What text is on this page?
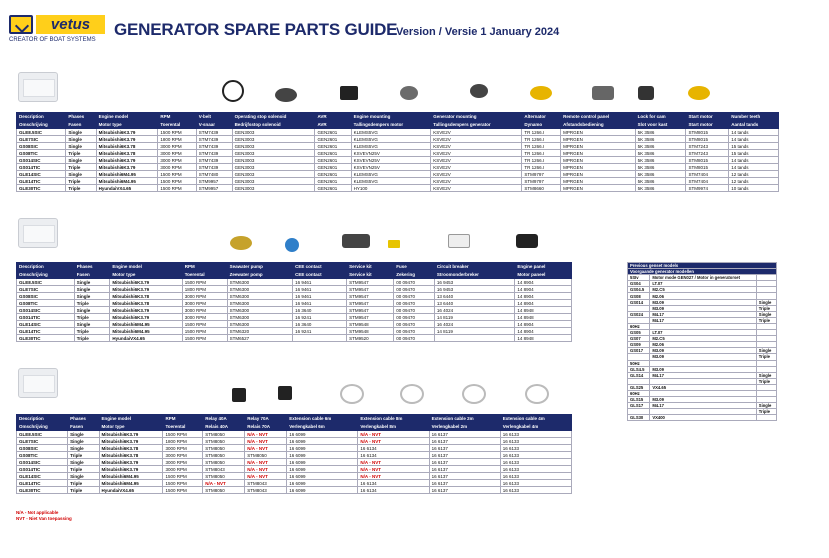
vetus
CREATOR OF BOAT SYSTEMS
GENERATOR SPARE PARTS GUIDE
Version / Versie 1 January 2024
Description	Phases	Engine model	RPM	V-belt	Operating stop solenoid	AVR	Engine mounting	Generator mounting	Alternator	Remote control panel	Lock for cam	Start motor	Number teeth
Omschrijving	Fasen	Motor type	Toerental	V-snaar	Bedrijfsstop solenoid	AVR	Tallingsdempers motor	Tallingsdempers generator	Dynamo	Afstandsbediening	Slot voor kast	Start motor	Aantal tands
GLE8.5SIC	Single	Mitsubishi6K3.79	1500 RPM	STM7439	GEN3003	GEN2601	KLEMS5VG	KSVE2V	TR 1266.I	MPRGEN	5K 3586	STM8015	14 tands
GLE7SIC	Single	Mitsubishi6K3.79	1800 RPM	STM7439	GEN3003	GEN2601	KLEMS5VG	KSVE2V	TR 1266.I	MPRGEN	5K 3586	STM8015	14 tands
GS08SIC	Single	Mitsubishi6K3.78	3000 RPM	STM7439	GEN3003	GEN2601	KLEMS5VG	KSVE2V	TR 1266.I	MPRGEN	5K 3586	STM7243	15 tands
GS08TIC	Triple	Mitsubishi6K3.78	3000 RPM	STM7439	GEN3003	GEN2601	KSVEVN25V	KSVE2V	TR 1266.I	MPRGEN	5K 3586	STM7243	15 tands
GS014SIC	Single	Mitsubishi6K3.79	3000 RPM	STM7439	GEN3003	GEN2601	KSVEVN25V	KSVE2V	TR 1266.I	MPRGEN	5K 3586	STM8015	14 tands
GS014TIC	Triple	Mitsubishi6K3.79	3000 RPM	STM7439	GEN3003	GEN2601	KSVEVN25V	KSVE2V	TR 1266.I	MPRGEN	5K 3586	STM8015	14 tands
GLE14SIC	Single	Mitsubishi6M4.95	1500 RPM	STM7480	GEN3003	GEN2601	KLEMS5VG	KSVE2V	STM9797	MPRGEN	5K 3586	STM7404	12 tands
GLE14TIC	Triple	Mitsubishi6M4.95	1500 RPM	STM9957	GEN3003	GEN2601	KLEMS5VG	KSVE2V	STM9797	MPRGEN	5K 3586	STM7404	12 tands
GLE30TIC	Triple	HyundaiVX4.65	1500 RPM	STM9957	GEN3003	GEN2601	HY100	KSVE2V	STM8660	MPRGEN	5K 3586	STM9974	10 tands
Description	Phases	Engine model	RPM	Seawater pump	CEE contact	Service kit	Fuse	Circuit breaker	Engine panel
Omschrijving	Fasen	Motor type	Toerental	Zeewater pomp	CEE contact	Service kit	Zekering	Stroomonderbreker	Motor paneel
GLE8.5SIC	Single	Mitsubishi6K3.79	1500 RPM	STM6300	16 9461	STM9547	00 09470	16 9453	14 8904
GLE7SIC	Single	Mitsubishi6K3.79	1800 RPM	STM6300	16 9461	STM9547	00 09470	16 9453	14 8904
GS08SIC	Single	Mitsubishi6K3.78	3000 RPM	STM6300	16 9461	STM9547	00 09470	13 6440	14 8904
GS08TIC	Triple	Mitsubishi6K3.78	3000 RPM	STM6300	16 9461	STM9547	00 09470	13 6440	14 8904
GS014SIC	Single	Mitsubishi6K3.79	3000 RPM	STM6300	16 3640	STM9547	00 09470	16 4024	14 8948
GS014TIC	Triple	Mitsubishi6K3.79	3000 RPM	STM6300	16 9241	STM9547	00 09470	14 8119	14 8948
GLE14SIC	Single	Mitsubishi6M4.95	1500 RPM	STM6300	16 3640	STM9548	00 09470	16 4024	14 8904
GLE14TIC	Triple	Mitsubishi6M4.95	1500 RPM	STM6320	16 9241	STM9548	00 09470	14 8119	14 8904
GLE30TIC	Triple	HyundaiVX4.65	1500 RPM	STM6527		STM9520	00 09470		14 8948
Previous genset models		
Voorgaande generator modellen		
5SIv	Motor mode GEN027 / Motor in generatorset	
GS04	LT.07	
GS04.5	M2.C5	
GS08	M2.06	
GS014	M3.09	Single
	M3.09	Triple
GS024	M4.17	Single
	M4.17	Triple
60Hz		
GS05	LT.07	
GS07	M2.C5	
GS09	M2.06	
GS017	M3.09	Single
	M3.09	Triple
50Hz		
GLS4.5	M3.09	
GLS14	M4.17	Single
		Triple
GLS25	VX4.65	
60Hz		
GLS15	M3.09	
GLS17	M4.17	Single
		Triple
GLS30	VX400	
Description	Phases	Engine model	RPM	Relay 40A	Relay 70A	Extension cable 6m	Extension cable 8m	Extension cable 2m	Extension cable 4m
Omschrijving	Fasen	Motor type	Toerental	Relais 40A	Relais 70A	Verlengkabel 6m	Verlengkabel 8m	Verlengkabel 2m	Verlengkabel 4m
GLE8.5SIC	Single	Mitsubishi6K3.79	1500 RPM	STM8050	N/A - NVT	16 6099	N/A - NVT	16 6137	16 6133
GLE7SIC	Single	Mitsubishi6K3.79	1800 RPM	STM8050	N/A - NVT	16 6099	N/A - NVT	16 6137	16 6133
GS08SIC	Single	Mitsubishi6K3.78	3000 RPM	STM8050	N/A - NVT	16 6099	16 6134	16 6137	16 6133
GS08TIC	Triple	Mitsubishi6K3.78	3000 RPM	STM8050	STM8050	16 6099	16 6134	16 6137	16 6133
GS014SIC	Single	Mitsubishi6K3.79	3000 RPM	STM8050	N/A - NVT	16 6099	N/A - NVT	16 6137	16 6133
GS014TIC	Triple	Mitsubishi6K3.79	3000 RPM	STM8043	N/A - NVT	16 6099	N/A - NVT	16 6137	16 6133
GLE14SIC	Single	Mitsubishi6M4.95	1500 RPM	STM8050	N/A - NVT	16 6099	N/A - NVT	16 6137	16 6133
GLE14TIC	Triple	Mitsubishi6M4.95	1500 RPM	N/A - NVT	STM8043	16 6099	16 6134	16 6137	16 6133
GLE30TIC	Triple	HyundaiVX4.65	1500 RPM	STM8050	STM8043	16 6099	16 6134	16 6137	16 6133
N/A - Not applicable
NVT - Niet Van toepassing
